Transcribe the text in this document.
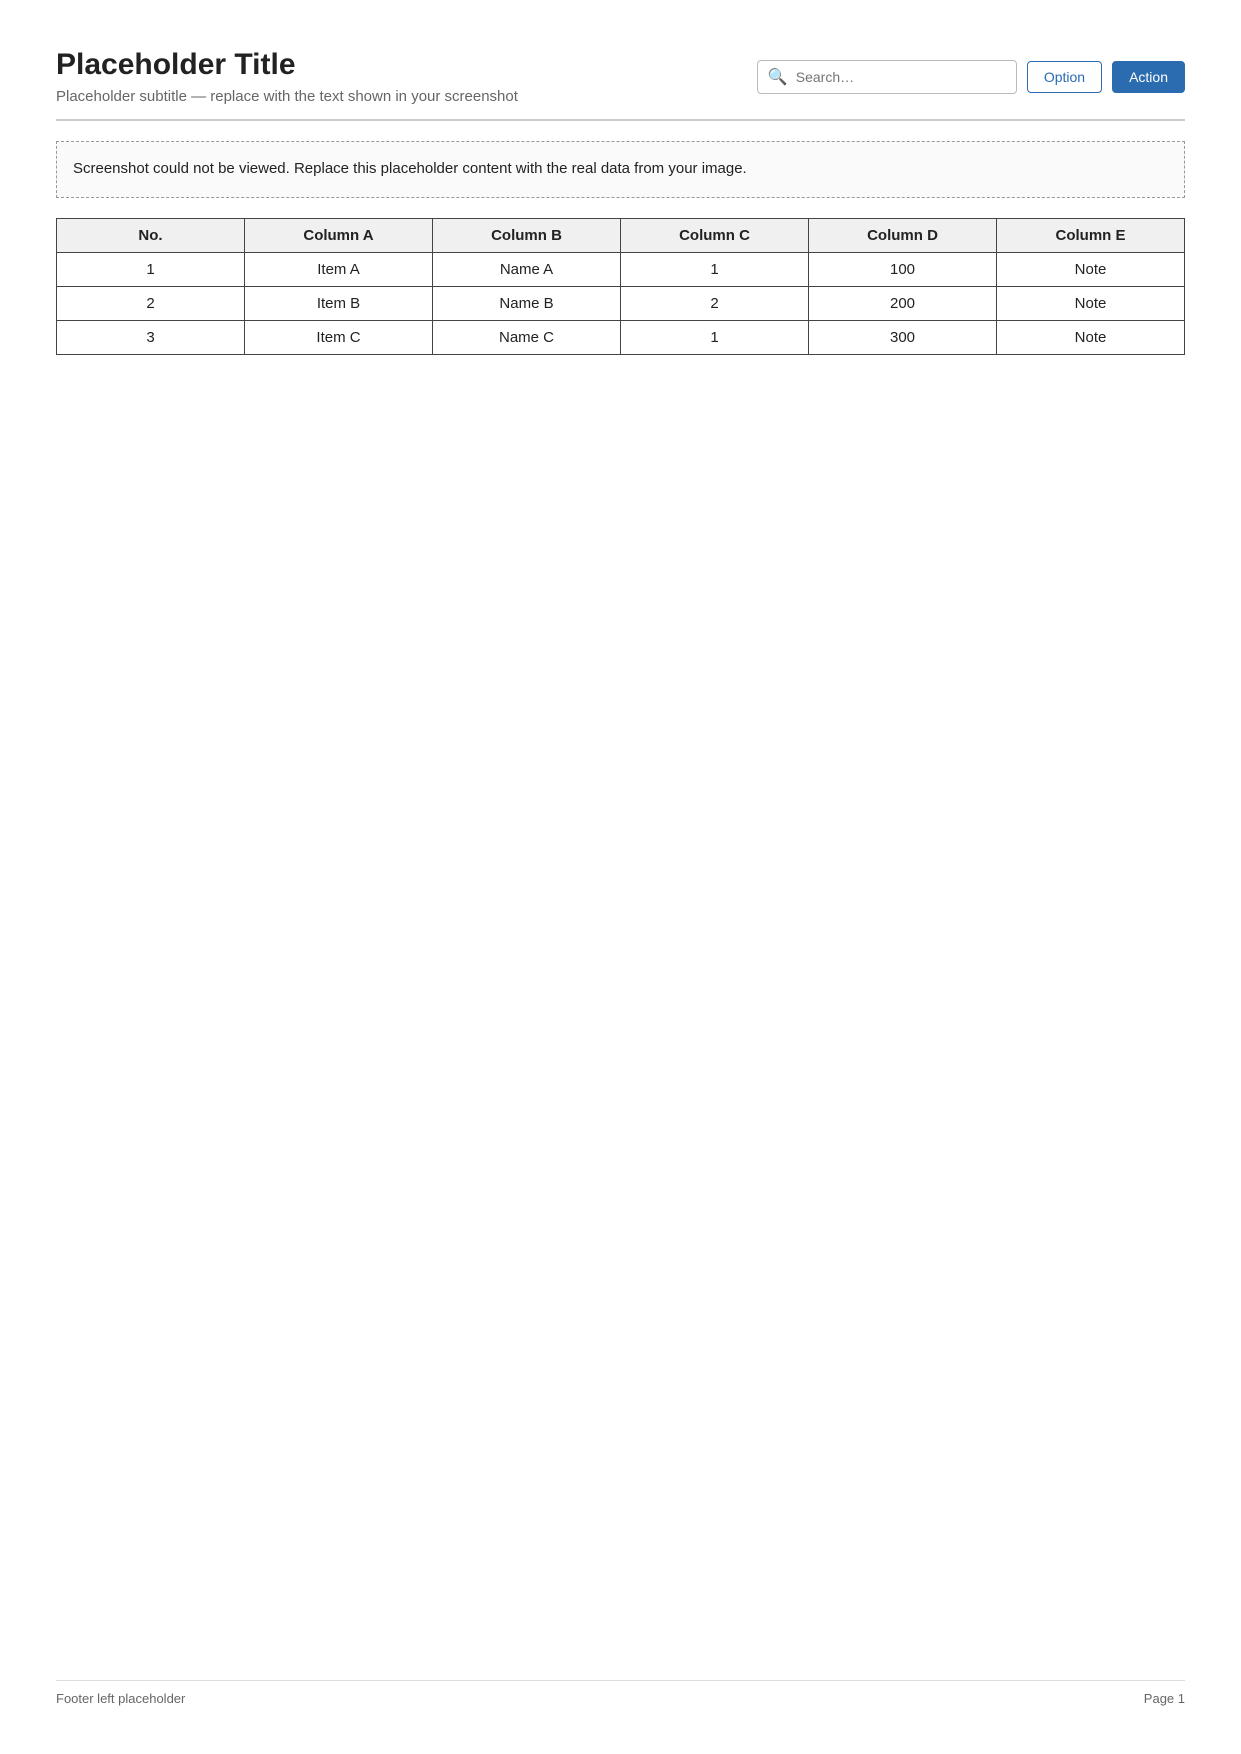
Placeholder Title
Placeholder subtitle — replace with the text shown in your screenshot
🔍
Search…	Option	Action
Screenshot could not be viewed. Replace this placeholder content with the real data from your image.
No.	Column A	Column B	Column C	Column D	Column E
1	Item A	Name A	1	100	Note
2	Item B	Name B	2	200	Note
3	Item C	Name C	1	300	Note
Footer left placeholder	Page 1
